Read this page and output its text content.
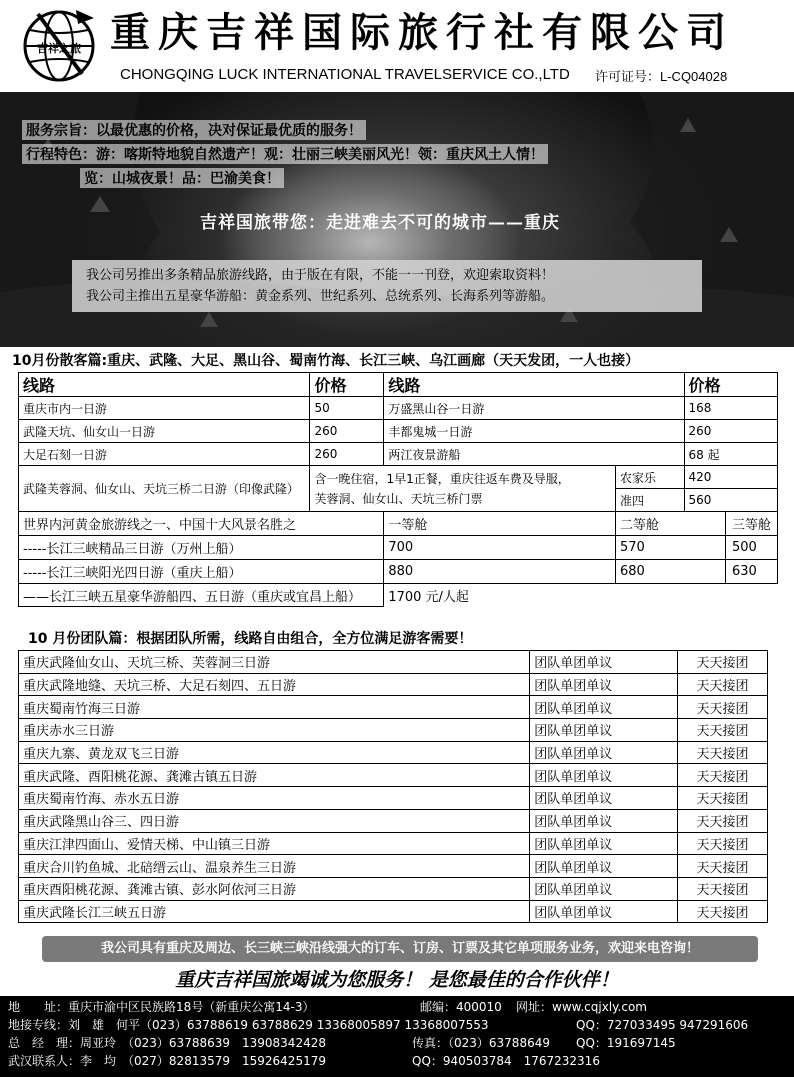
吉祥之旅 重庆吉祥国际旅行社有限公司
CHONGQING LUCK INTERNATIONAL TRAVELSERVICE CO.,LTD 许可证号：L-CQ04028
服务宗旨：以最优惠的价格，决对保证最优质的服务！
行程特色：游：喀斯特地貌自然遗产！观：壮丽三峡美丽风光！领：重庆风土人情！
览：山城夜景！品：巴渝美食！
吉祥国旅带您：走进难去不可的城市——重庆
我公司另推出多条精品旅游线路，由于版在有限，不能一一刊登，欢迎索取资料！
我公司主推出五星豪华游船：黄金系列、世纪系列、总统系列、长海系列等游船。
10月份散客篇:重庆、武隆、大足、黑山谷、蜀南竹海、长江三峡、乌江画廊（天天发团，一人也接）
线路	价格	线路		价格
重庆市内一日游	50	万盛黑山谷一日游		168
武隆天坑、仙女山一日游	260	丰都鬼城一日游		260
大足石刻一日游	260	两江夜景游船		68 起
武隆芙蓉洞、仙女山、天坑三桥二日游（印像武隆）	含一晚住宿，1早1正餐，重庆往返车费及导服，
芙蓉洞、仙女山、天坑三桥门票		农家乐	420
			准四	560
世界内河黄金旅游线之一、中国十大风景名胜之		一等舱	二等舱 三等舱	

-----长江三峡精品三日游（万州上船）		700	570 500	

-----长江三峡阳光四日游（重庆上船）		880	680 630	

——长江三峡五星豪华游船四、五日游（重庆或宜昌上船）		1700 元/人起		
10 月份团队篇：根据团队所需，线路自由组合，全方位满足游客需要！
重庆武隆仙女山、天坑三桥、芙蓉洞三日游	团队单团单议	天天接团
重庆武隆地缝、天坑三桥、大足石刻四、五日游	团队单团单议	天天接团
重庆蜀南竹海三日游	团队单团单议	天天接团
重庆赤水三日游	团队单团单议	天天接团
重庆九寨、黄龙双飞三日游	团队单团单议	天天接团
重庆武隆、酉阳桃花源、龚滩古镇五日游	团队单团单议	天天接团
重庆蜀南竹海、赤水五日游	团队单团单议	天天接团
重庆武隆黑山谷三、四日游	团队单团单议	天天接团
重庆江津四面山、爱情天梯、中山镇三日游	团队单团单议	天天接团
重庆合川钓鱼城、北碚缙云山、温泉养生三日游	团队单团单议	天天接团
重庆酉阳桃花源、龚滩古镇、彭水阿依河三日游	团队单团单议	天天接团
重庆武隆长江三峡五日游	团队单团单议	天天接团
我公司具有重庆及周边、长三峡三峡沿线强大的订车、订房、订票及其它单项服务业务，欢迎来电咨询！
重庆吉祥国旅竭诚为您服务！ 是您最佳的合作伙伴！
地　　址：重庆市渝中区民族路18号（新重庆公寓14-3）	邮编：400010 网址：www.cqjxly.com
地接专线：刘　雄　何平（023）63788619 63788629 13368005897 13368007553	QQ：727033495 947291606
总　经　理：周亚玲　（023）63788639　13908342428	传真：（023）63788649 QQ：191697145
武汉联系人：李　均　（027）82813579　15926425179	QQ：940503784　1767232316
